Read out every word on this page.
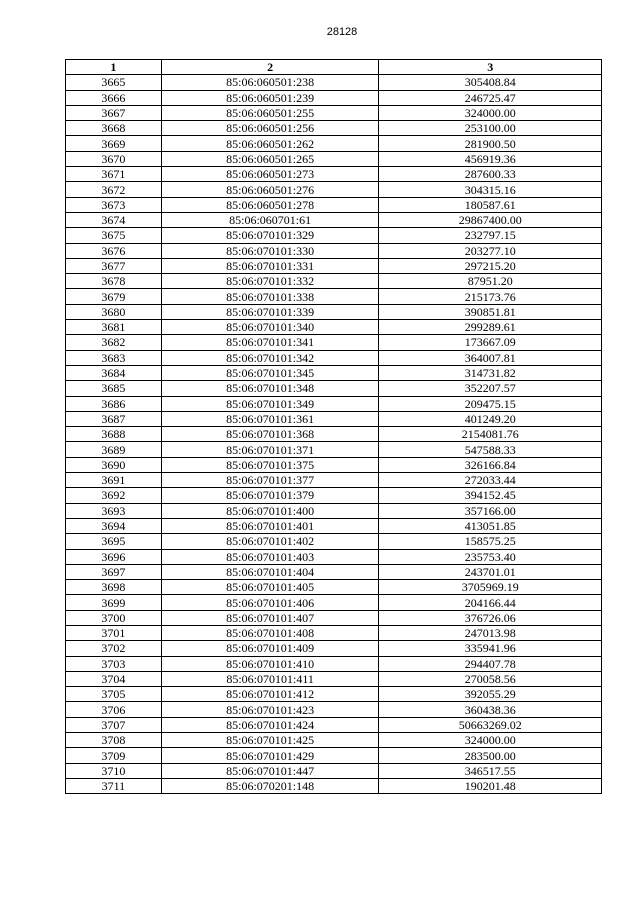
28128
1	2	3
3665	85:06:060501:238	305408.84
3666	85:06:060501:239	246725.47
3667	85:06:060501:255	324000.00
3668	85:06:060501:256	253100.00
3669	85:06:060501:262	281900.50
3670	85:06:060501:265	456919.36
3671	85:06:060501:273	287600.33
3672	85:06:060501:276	304315.16
3673	85:06:060501:278	180587.61
3674	85:06:060701:61	29867400.00
3675	85:06:070101:329	232797.15
3676	85:06:070101:330	203277.10
3677	85:06:070101:331	297215.20
3678	85:06:070101:332	87951.20
3679	85:06:070101:338	215173.76
3680	85:06:070101:339	390851.81
3681	85:06:070101:340	299289.61
3682	85:06:070101:341	173667.09
3683	85:06:070101:342	364007.81
3684	85:06:070101:345	314731.82
3685	85:06:070101:348	352207.57
3686	85:06:070101:349	209475.15
3687	85:06:070101:361	401249.20
3688	85:06:070101:368	2154081.76
3689	85:06:070101:371	547588.33
3690	85:06:070101:375	326166.84
3691	85:06:070101:377	272033.44
3692	85:06:070101:379	394152.45
3693	85:06:070101:400	357166.00
3694	85:06:070101:401	413051.85
3695	85:06:070101:402	158575.25
3696	85:06:070101:403	235753.40
3697	85:06:070101:404	243701.01
3698	85:06:070101:405	3705969.19
3699	85:06:070101:406	204166.44
3700	85:06:070101:407	376726.06
3701	85:06:070101:408	247013.98
3702	85:06:070101:409	335941.96
3703	85:06:070101:410	294407.78
3704	85:06:070101:411	270058.56
3705	85:06:070101:412	392055.29
3706	85:06:070101:423	360438.36
3707	85:06:070101:424	50663269.02
3708	85:06:070101:425	324000.00
3709	85:06:070101:429	283500.00
3710	85:06:070101:447	346517.55
3711	85:06:070201:148	190201.48
